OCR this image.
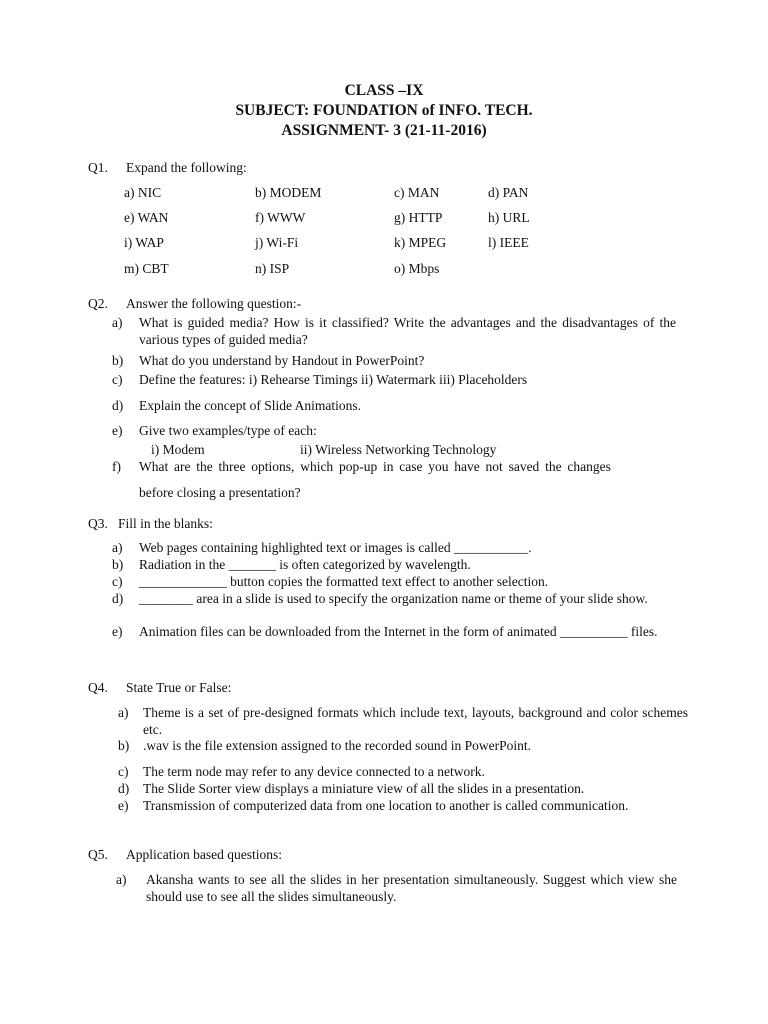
CLASS –IX
SUBJECT: FOUNDATION of INFO. TECH.
ASSIGNMENT- 3 (21-11-2016)
Q1. Expand the following:
a) NIC	b) MODEM	c) MAN	d) PAN
e) WAN	f) WWW	g) HTTP	h) URL
i) WAP	j) Wi-Fi	k) MPEG	l) IEEE
m) CBT	n) ISP	o) Mbps
Q2. Answer the following question:-
a) What is guided media? How is it classified? Write the advantages and the disadvantages of the various types of guided media?
b) What do you understand by Handout in PowerPoint?
c) Define the features: i) Rehearse Timings ii) Watermark iii) Placeholders
d) Explain the concept of Slide Animations.
e) Give two examples/type of each:
i) Modem	ii) Wireless Networking Technology
f) What are the three options, which pop-up in case you have not saved the changes
before closing a presentation?
Q3. Fill in the blanks:
a) Web pages containing highlighted text or images is called ___________.
b) Radiation in the _______ is often categorized by wavelength.
c) _____________ button copies the formatted text effect to another selection.
d) ________ area in a slide is used to specify the organization name or theme of your slide show.
e) Animation files can be downloaded from the Internet in the form of animated __________ files.
Q4. State True or False:
a) Theme is a set of pre-designed formats which include text, layouts, background and color schemes etc.
b) .wav is the file extension assigned to the recorded sound in PowerPoint.
c) The term node may refer to any device connected to a network.
d) The Slide Sorter view displays a miniature view of all the slides in a presentation.
e) Transmission of computerized data from one location to another is called communication.
Q5. Application based questions:
a) Akansha wants to see all the slides in her presentation simultaneously. Suggest which view she should use to see all the slides simultaneously.
